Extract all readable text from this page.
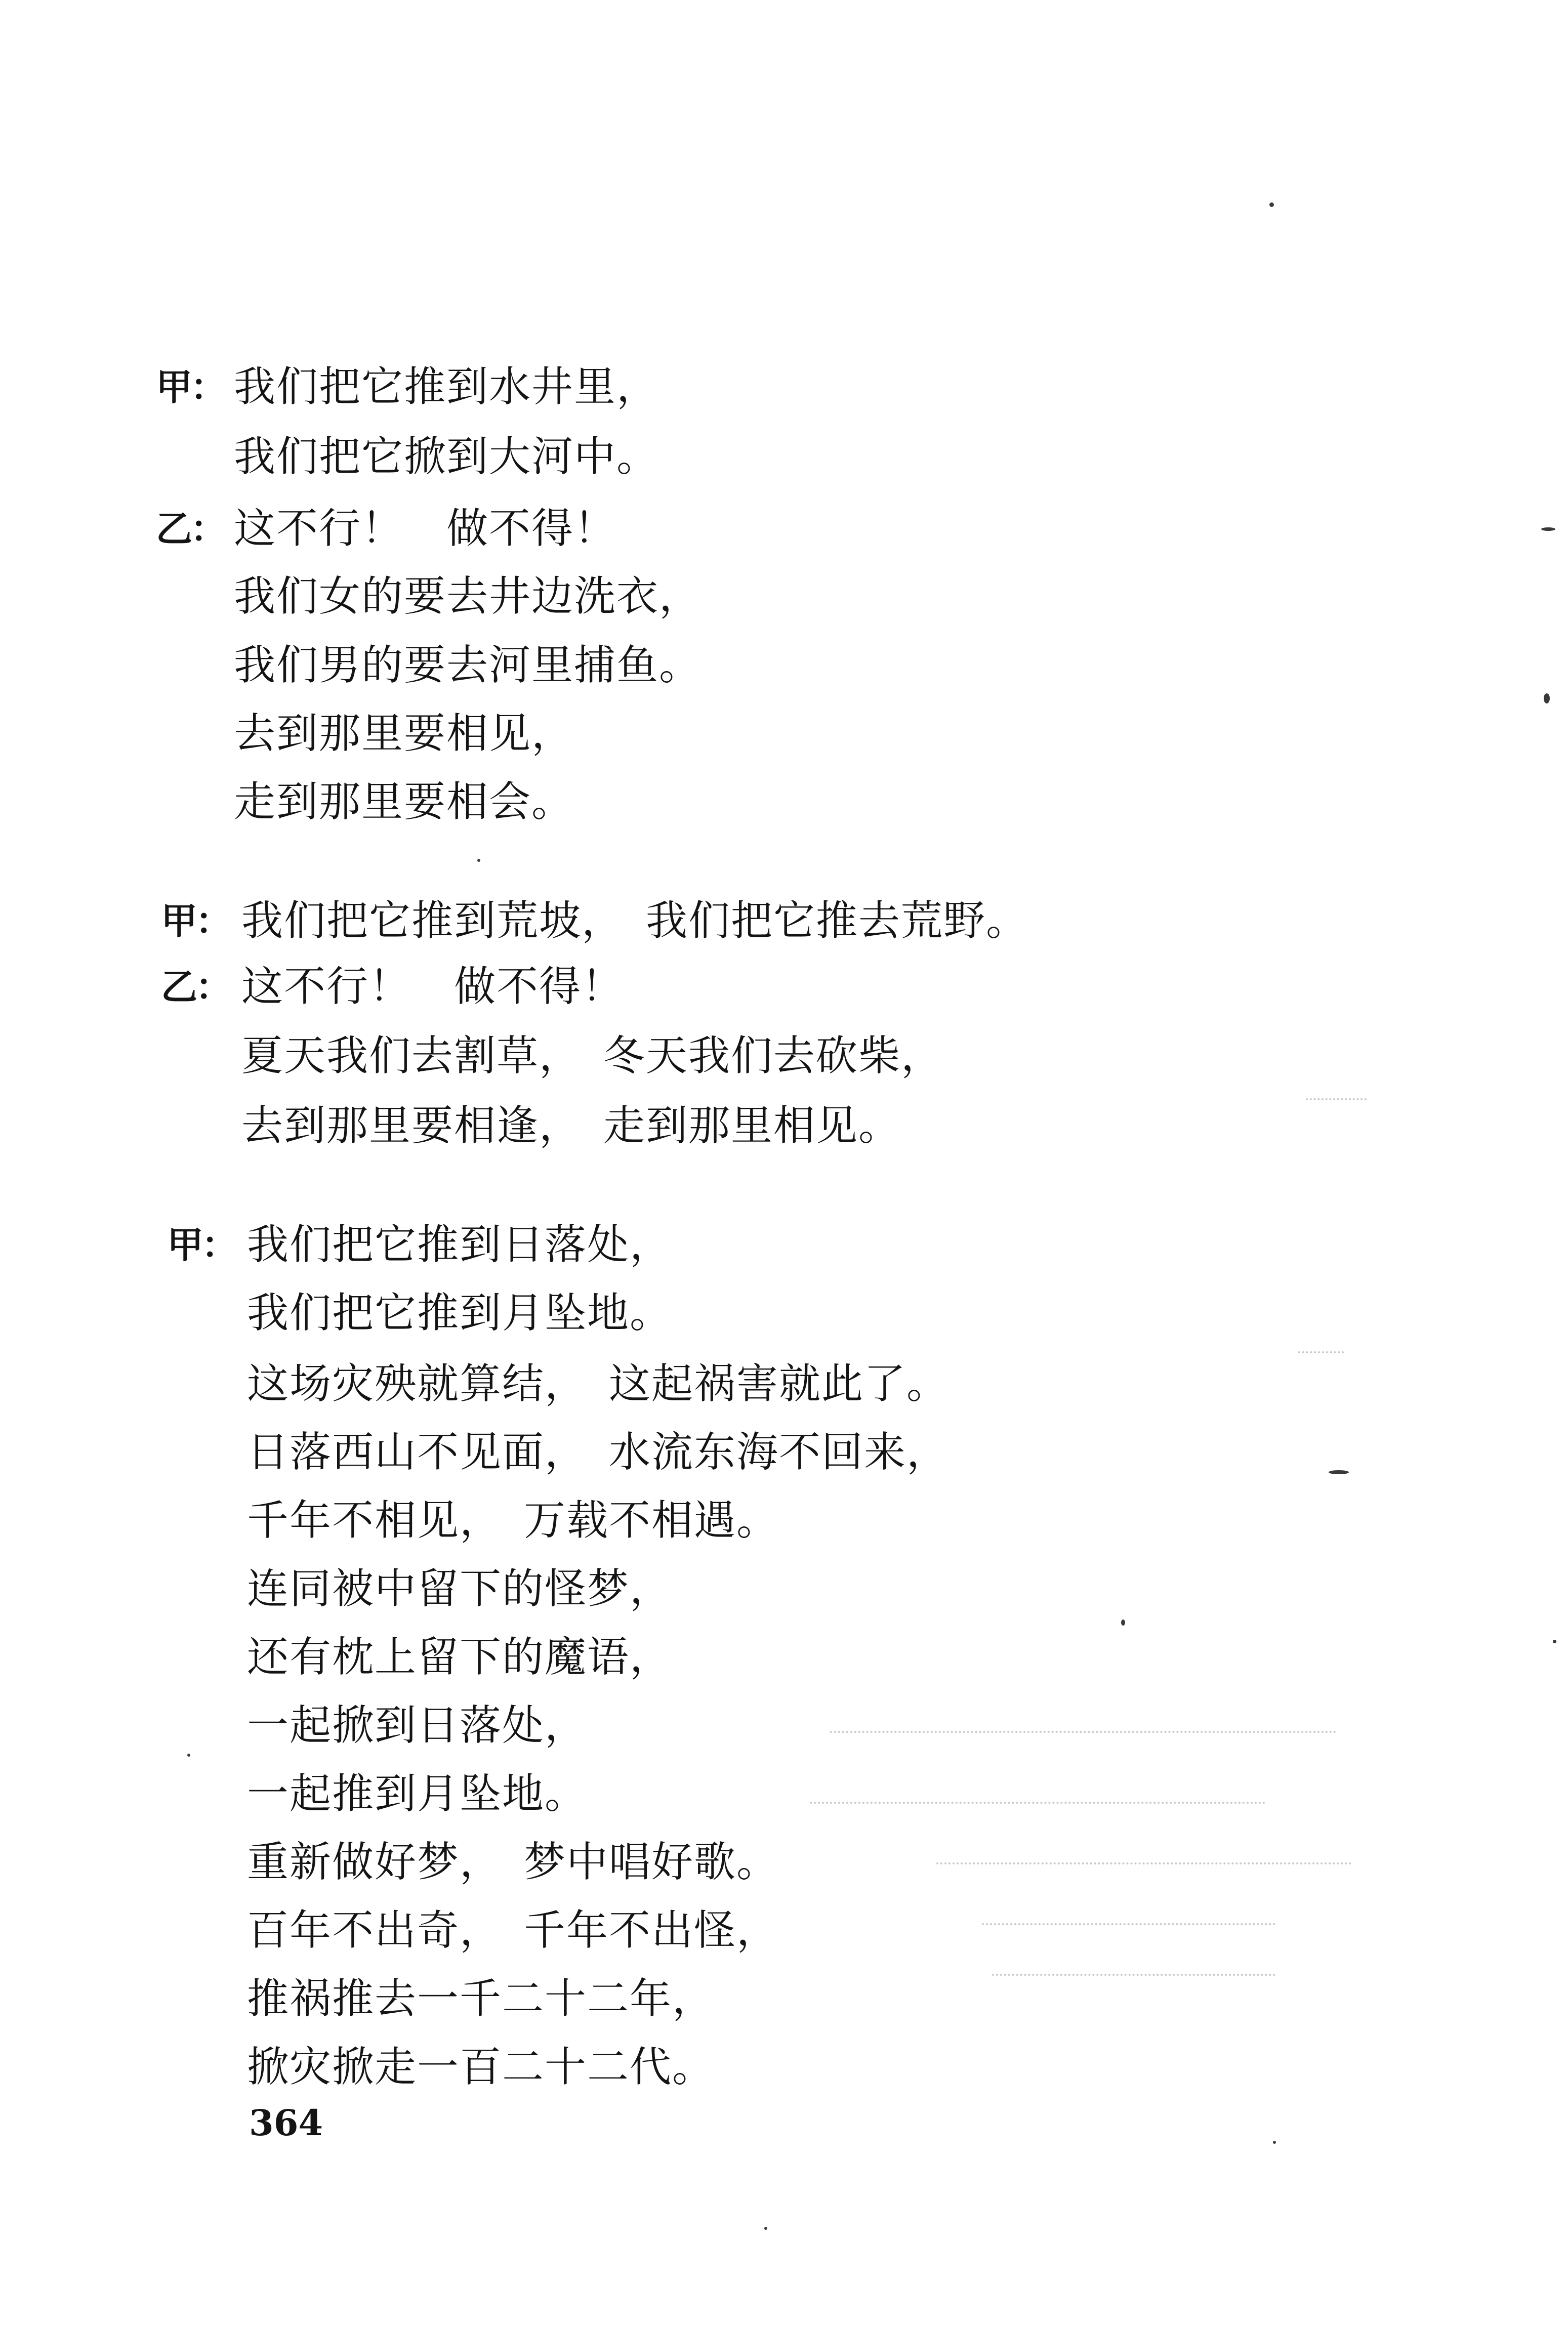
甲： 我们把它推到水井里，
我们把它掀到大河中。
乙： 这不行！　做不得！
我们女的要去井边洗衣，
我们男的要去河里捕鱼。
去到那里要相见，
走到那里要相会。
甲： 我们把它推到荒坡，　我们把它推去荒野。
乙： 这不行！　做不得！
夏天我们去割草，　冬天我们去砍柴，
去到那里要相逢，　走到那里相见。
甲： 我们把它推到日落处，
我们把它推到月坠地。
这场灾殃就算结，　这起祸害就此了。
日落西山不见面，　水流东海不回来，
千年不相见，　万载不相遇。
连同被中留下的怪梦，
还有枕上留下的魔语，
一起掀到日落处，
一起推到月坠地。
重新做好梦，　梦中唱好歌。
百年不出奇，　千年不出怪，
推祸推去一千二十二年，
掀灾掀走一百二十二代。
364
